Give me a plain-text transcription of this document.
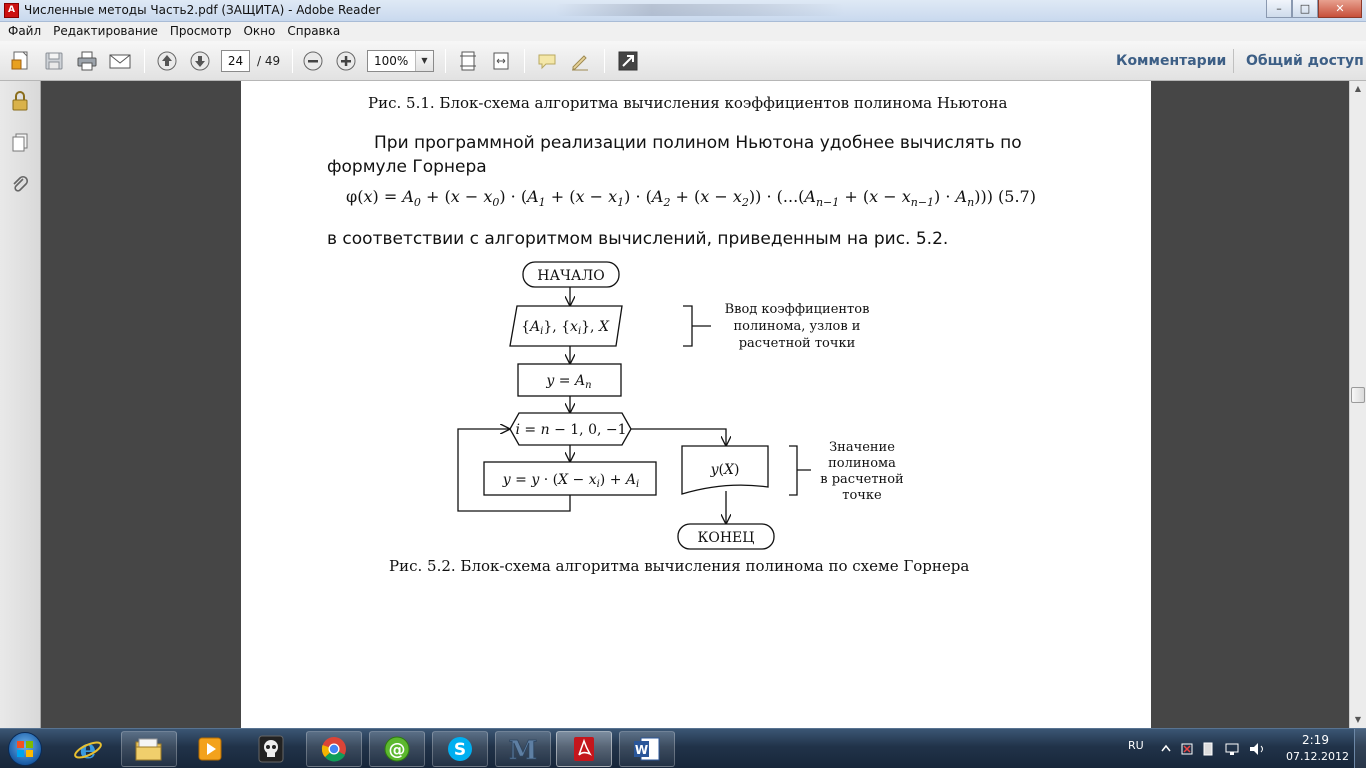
A Численные методы Часть2.pdf (ЗАЩИТА) - Adobe Reader	–	□	✕
Файл	Редактирование	Просмотр	Окно	Справка
24	/ 49	100%	▼	Комментарии Общий доступ
Рис. 5.1. Блок-схема алгоритма вычисления коэффициентов полинома Ньютона
При программной реализации полином Ньютона удобнее вычислять по
формуле Горнера
$\varphi(x) = A_0 + (x - x_0) \cdot (A_1 + (x - x_1) \cdot (A_2 + (x - x_2)) \cdot (...(A_{n-1} + (x - x_{n-1}) \cdot A_n)))$ (5.7)
в соответствии с алгоритмом вычислений, приведенным на рис. 5.2.
НАЧАЛО
КОНЕЦ
$\{A_i\}$, $\{x_i\}$, X
$y = A_n$
i = n − 1, 0, −1
$y = y \cdot (X - x_i) + A_i$
y(X)
Ввод коэффициентов
полинома, узлов и
расчетной точки
Значение
полинома
в расчетной
точке
Рис. 5.2. Блок-схема алгоритма вычисления полинома по схеме Горнера
▲
▼
e	@	S M	W	RU	2:19
07.12.2012
